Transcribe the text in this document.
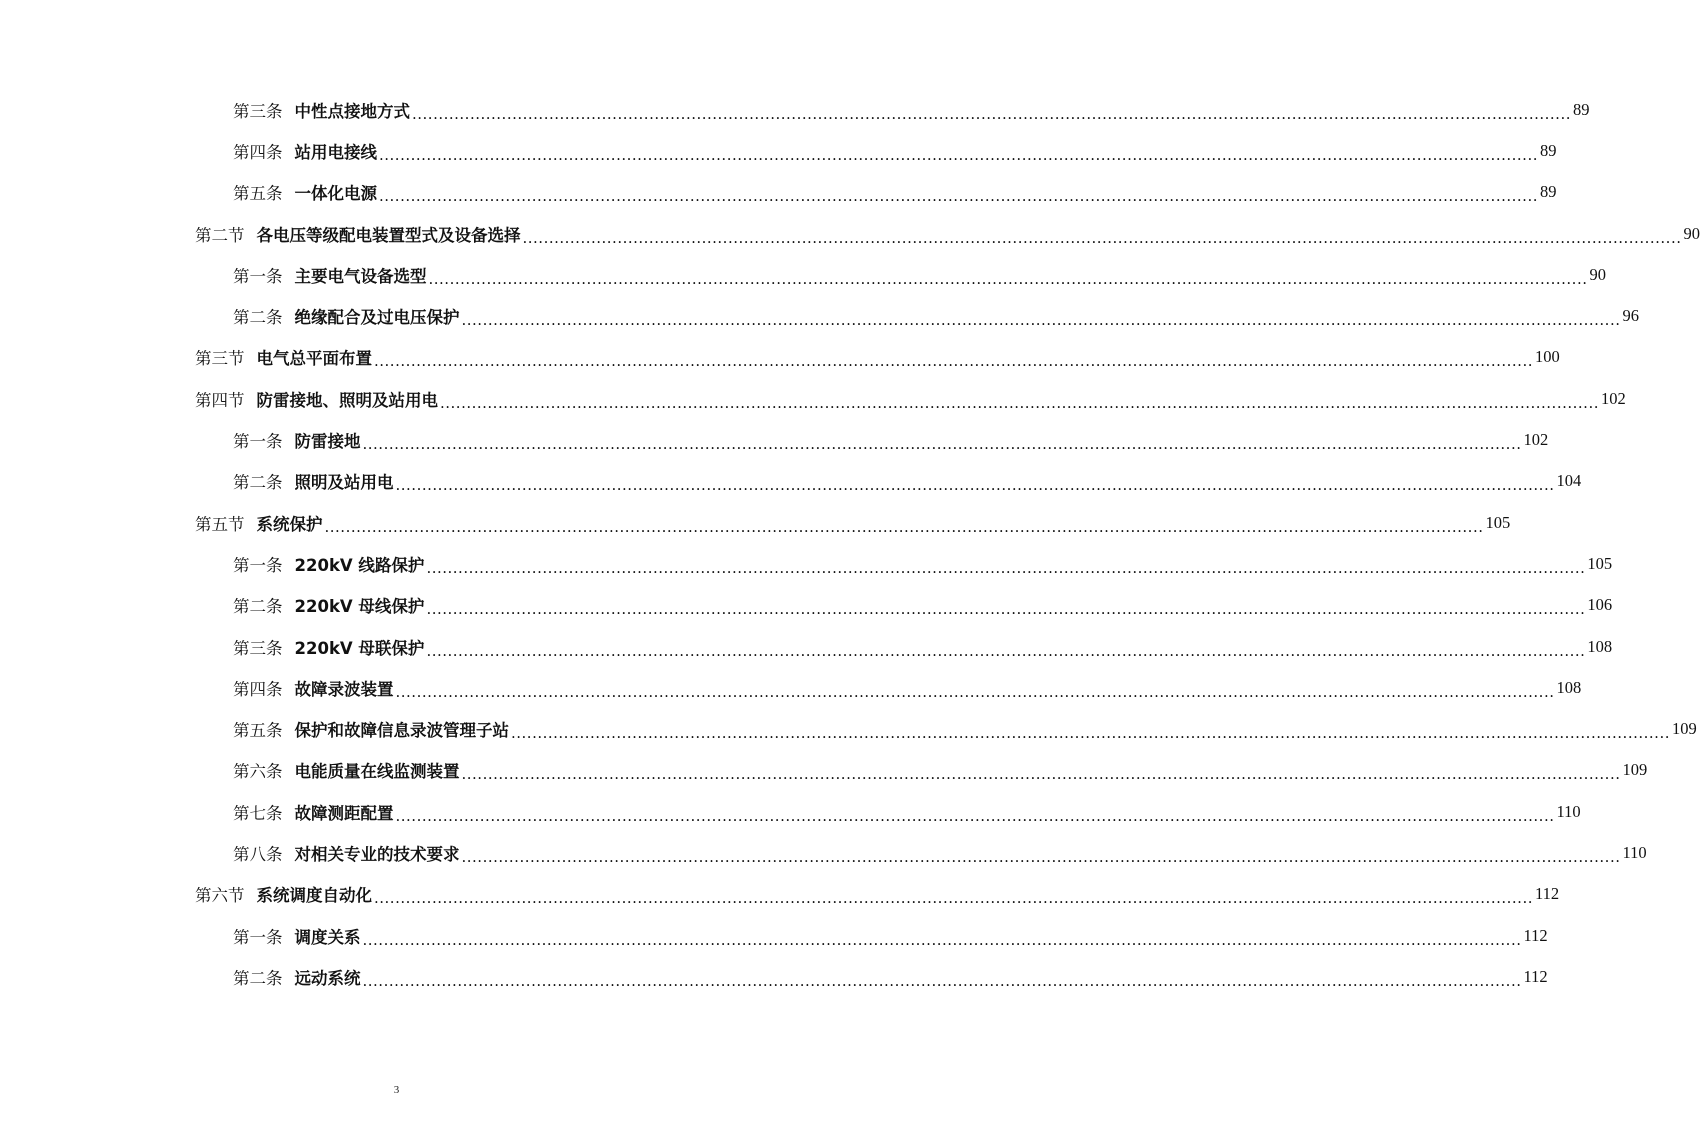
第三条 中性点接地方式 ............................................................................................................................................................................................................................ 89
第四条 站用电接线 ............................................................................................................................................................................................................................ 89
第五条 一体化电源 ............................................................................................................................................................................................................................ 89
第二节 各电压等级配电装置型式及设备选择 ............................................................................................................................................................................................................................ 90
第一条 主要电气设备选型 ............................................................................................................................................................................................................................ 90
第二条 绝缘配合及过电压保护 ............................................................................................................................................................................................................................ 96
第三节 电气总平面布置 ............................................................................................................................................................................................................................ 100
第四节 防雷接地、照明及站用电 ............................................................................................................................................................................................................................ 102
第一条 防雷接地 ............................................................................................................................................................................................................................ 102
第二条 照明及站用电 ............................................................................................................................................................................................................................ 104
第五节 系统保护 ............................................................................................................................................................................................................................ 105
第一条 220kV 线路保护 ............................................................................................................................................................................................................................ 105
第二条 220kV 母线保护 ............................................................................................................................................................................................................................ 106
第三条 220kV 母联保护 ............................................................................................................................................................................................................................ 108
第四条 故障录波装置 ............................................................................................................................................................................................................................ 108
第五条 保护和故障信息录波管理子站 ............................................................................................................................................................................................................................ 109
第六条 电能质量在线监测装置 ............................................................................................................................................................................................................................ 109
第七条 故障测距配置 ............................................................................................................................................................................................................................ 110
第八条 对相关专业的技术要求 ............................................................................................................................................................................................................................ 110
第六节 系统调度自动化 ............................................................................................................................................................................................................................ 112
第一条 调度关系 ............................................................................................................................................................................................................................ 112
第二条 远动系统 ............................................................................................................................................................................................................................ 112
3
